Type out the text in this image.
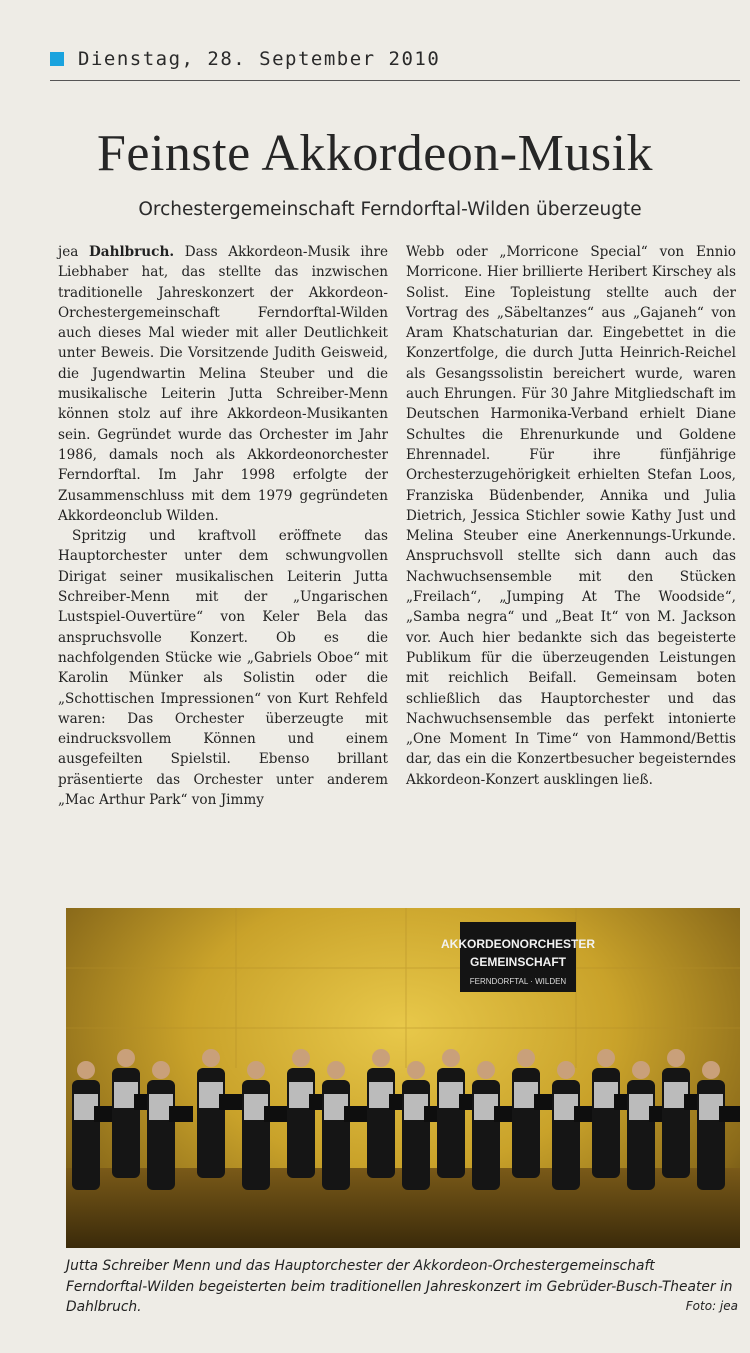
Dienstag, 28. September 2010
Feinste Akkordeon-Musik
Orchestergemeinschaft Ferndorftal-Wilden überzeugte

jea Dahlbruch. Dass Akkordeon-Musik ihre Liebhaber hat, das stellte das inzwischen traditionelle Jahreskonzert der Akkordeon-Orchestergemeinschaft Ferndorftal-Wilden auch dieses Mal wieder mit aller Deutlichkeit unter Beweis. Die Vorsitzende Judith Geisweid, die Jugendwartin Melina Steuber und die musikalische Leiterin Jutta Schreiber-Menn können stolz auf ihre Akkordeon-Musikanten sein. Gegründet wurde das Orchester im Jahr 1986, damals noch als Akkordeonorchester Ferndorftal. Im Jahr 1998 erfolgte der Zusammenschluss mit dem 1979 gegründeten Akkordeonclub Wilden.

Spritzig und kraftvoll eröffnete das Hauptorchester unter dem schwungvollen Dirigat seiner musikalischen Leiterin Jutta Schreiber-Menn mit der „Ungarischen Lustspiel-Ouvertüre“ von Keler Bela das anspruchsvolle Konzert. Ob es die nachfolgenden Stücke wie „Gabriels Oboe“ mit Karolin Münker als Solistin oder die „Schottischen Impressionen“ von Kurt Rehfeld waren: Das Orchester überzeugte mit eindrucksvollem Können und einem ausgefeilten Spielstil. Ebenso brillant präsentierte das Orchester unter anderem „Mac Arthur Park“ von Jimmy

Webb oder „Morricone Special“ von Ennio Morricone. Hier brillierte Heribert Kirschey als Solist. Eine Topleistung stellte auch der Vortrag des „Säbeltanzes“ aus „Gajaneh“ von Aram Khatschaturian dar. Eingebettet in die Konzertfolge, die durch Jutta Heinrich-Reichel als Gesangssolistin bereichert wurde, waren auch Ehrungen. Für 30 Jahre Mitgliedschaft im Deutschen Harmonika-Verband erhielt Diane Schultes die Ehrenurkunde und Goldene Ehrennadel. Für ihre fünfjährige Orchesterzugehörigkeit erhielten Stefan Loos, Franziska Büdenbender, Annika und Julia Dietrich, Jessica Stichler sowie Kathy Just und Melina Steuber eine Anerkennungs-Urkunde. Anspruchsvoll stellte sich dann auch das Nachwuchsensemble mit den Stücken „Freilach“, „Jumping At The Woodside“, „Samba negra“ und „Beat It“ von M. Jackson vor. Auch hier bedankte sich das begeisterte Publikum für die überzeugenden Leistungen mit reichlich Beifall. Gemeinsam boten schließlich das Hauptorchester und das Nachwuchsensemble das perfekt intonierte „One Moment In Time“ von Hammond/Bettis dar, das ein die Konzertbesucher begeisterndes Akkordeon-Konzert ausklingen ließ.

AKKORDEONORCHESTER
GEMEINSCHAFT
FERNDORFTAL · WILDEN
Jutta Schreiber Menn und das Hauptorchester der Akkordeon-Orchestergemeinschaft Ferndorftal-Wilden begeisterten beim traditionellen Jahreskonzert im Gebrüder-Busch-Theater in Dahlbruch.	Foto: jea
